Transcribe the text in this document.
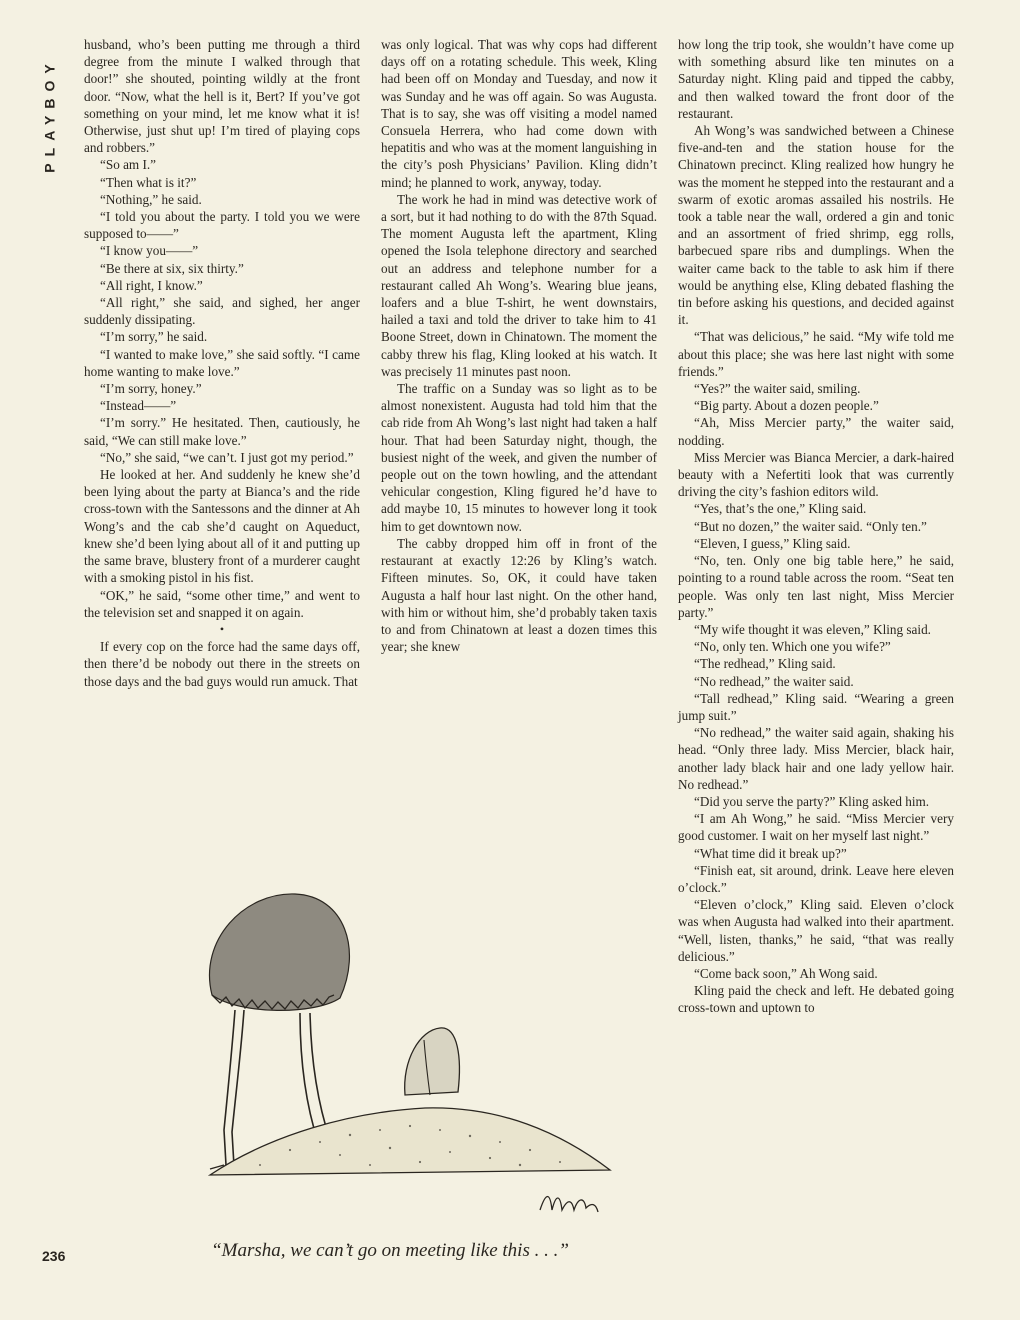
PLAYBOY

husband, who’s been putting me through a third degree from the minute I walked through that door!” she shouted, pointing wildly at the front door. “Now, what the hell is it, Bert? If you’ve got something on your mind, let me know what it is! Otherwise, just shut up! I’m tired of playing cops and robbers.”

“So am I.”

“Then what is it?”

“Nothing,” he said.

“I told you about the party. I told you we were supposed to——”

“I know you——”

“Be there at six, six thirty.”

“All right, I know.”

“All right,” she said, and sighed, her anger suddenly dissipating.

“I’m sorry,” he said.

“I wanted to make love,” she said softly. “I came home wanting to make love.”

“I’m sorry, honey.”

“Instead——”

“I’m sorry.” He hesitated. Then, cautiously, he said, “We can still make love.”

“No,” she said, “we can’t. I just got my period.”

He looked at her. And suddenly he knew she’d been lying about the party at Bianca’s and the ride cross-town with the Santessons and the dinner at Ah Wong’s and the cab she’d caught on Aqueduct, knew she’d been lying about all of it and putting up the same brave, blustery front of a murderer caught with a smoking pistol in his fist.

“OK,” he said, “some other time,” and went to the television set and snapped it on again.

•

If every cop on the force had the same days off, then there’d be nobody out there in the streets on those days and the bad guys would run amuck. That

was only logical. That was why cops had different days off on a rotating schedule. This week, Kling had been off on Monday and Tuesday, and now it was Sunday and he was off again. So was Augusta. That is to say, she was off visiting a model named Consuela Herrera, who had come down with hepatitis and who was at the moment languishing in the city’s posh Physicians’ Pavilion. Kling didn’t mind; he planned to work, anyway, today.

The work he had in mind was detective work of a sort, but it had nothing to do with the 87th Squad. The moment Augusta left the apartment, Kling opened the Isola telephone directory and searched out an address and telephone number for a restaurant called Ah Wong’s. Wearing blue jeans, loafers and a blue T-shirt, he went downstairs, hailed a taxi and told the driver to take him to 41 Boone Street, down in Chinatown. The moment the cabby threw his flag, Kling looked at his watch. It was precisely 11 minutes past noon.

The traffic on a Sunday was so light as to be almost nonexistent. Augusta had told him that the cab ride from Ah Wong’s last night had taken a half hour. That had been Saturday night, though, the busiest night of the week, and given the number of people out on the town howling, and the attendant vehicular congestion, Kling figured he’d have to add maybe 10, 15 minutes to however long it took him to get downtown now.

The cabby dropped him off in front of the restaurant at exactly 12:26 by Kling’s watch. Fifteen minutes. So, OK, it could have taken Augusta a half hour last night. On the other hand, with him or without him, she’d probably taken taxis to and from Chinatown at least a dozen times this year; she knew

how long the trip took, she wouldn’t have come up with something absurd like ten minutes on a Saturday night. Kling paid and tipped the cabby, and then walked toward the front door of the restaurant.

Ah Wong’s was sandwiched between a Chinese five-and-ten and the station house for the Chinatown precinct. Kling realized how hungry he was the moment he stepped into the restaurant and a swarm of exotic aromas assailed his nostrils. He took a table near the wall, ordered a gin and tonic and an assortment of fried shrimp, egg rolls, barbecued spare ribs and dumplings. When the waiter came back to the table to ask him if there would be anything else, Kling debated flashing the tin before asking his questions, and decided against it.

“That was delicious,” he said. “My wife told me about this place; she was here last night with some friends.”

“Yes?” the waiter said, smiling.

“Big party. About a dozen people.”

“Ah, Miss Mercier party,” the waiter said, nodding.

Miss Mercier was Bianca Mercier, a dark-haired beauty with a Nefertiti look that was currently driving the city’s fashion editors wild.

“Yes, that’s the one,” Kling said.

“But no dozen,” the waiter said. “Only ten.”

“Eleven, I guess,” Kling said.

“No, ten. Only one big table here,” he said, pointing to a round table across the room. “Seat ten people. Was only ten last night, Miss Mercier party.”

“My wife thought it was eleven,” Kling said.

“No, only ten. Which one you wife?”

“The redhead,” Kling said.

“No redhead,” the waiter said.

“Tall redhead,” Kling said. “Wearing a green jump suit.”

“No redhead,” the waiter said again, shaking his head. “Only three lady. Miss Mercier, black hair, another lady black hair and one lady yellow hair. No redhead.”

“Did you serve the party?” Kling asked him.

“I am Ah Wong,” he said. “Miss Mercier very good customer. I wait on her myself last night.”

“What time did it break up?”

“Finish eat, sit around, drink. Leave here eleven o’clock.”

“Eleven o’clock,” Kling said. Eleven o’clock was when Augusta had walked into their apartment. “Well, listen, thanks,” he said, “that was really delicious.”

“Come back soon,” Ah Wong said.

Kling paid the check and left. He debated going cross-town and uptown to

“Marsha, we can’t go on meeting like this . . .”
236
